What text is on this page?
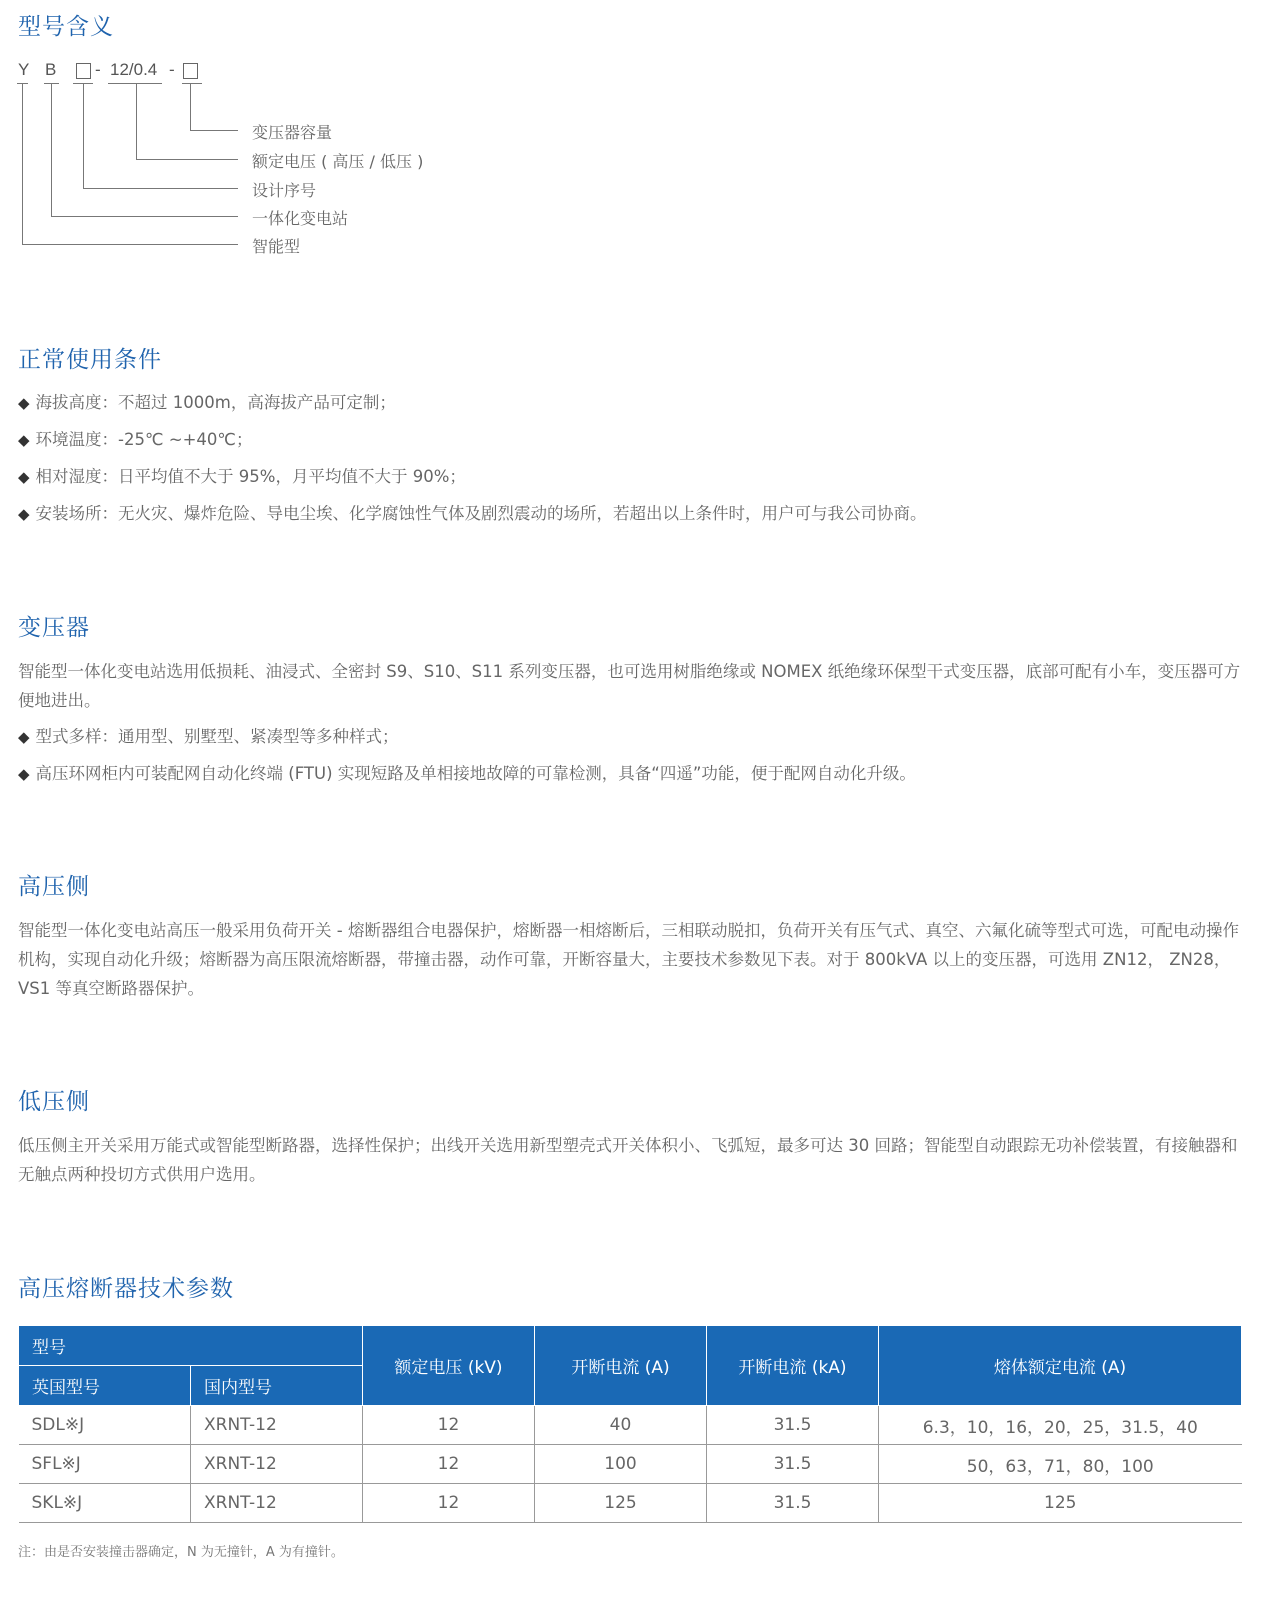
型号含义
Y B - 12/0.4 -
变压器容量
额定电压 ( 高压 / 低压 )
设计序号
一体化变电站
智能型
正常使用条件
◆ 海拔高度：不超过 1000m，高海拔产品可定制；
◆ 环境温度：-25℃ ~+40℃；
◆ 相对湿度：日平均值不大于 95%，月平均值不大于 90%；
◆ 安装场所：无火灾、爆炸危险、导电尘埃、化学腐蚀性气体及剧烈震动的场所，若超出以上条件时，用户可与我公司协商。
变压器

智能型一体化变电站选用低损耗、油浸式、全密封 S9、S10、S11 系列变压器，也可选用树脂绝缘或 NOMEX 纸绝缘环保型干式变压器，底部可配有小车，变压器可方便地进出。

◆ 型式多样：通用型、别墅型、紧凑型等多种样式；
◆ 高压环网柜内可装配网自动化终端 (FTU) 实现短路及单相接地故障的可靠检测，具备“四遥”功能，便于配网自动化升级。
高压侧

智能型一体化变电站高压一般采用负荷开关 - 熔断器组合电器保护，熔断器一相熔断后，三相联动脱扣，负荷开关有压气式、真空、六氟化硫等型式可选，可配电动操作机构，实现自动化升级；熔断器为高压限流熔断器，带撞击器，动作可靠，开断容量大，主要技术参数见下表。对于 800kVA 以上的变压器，可选用 ZN12， ZN28，VS1 等真空断路器保护。

低压侧

低压侧主开关采用万能式或智能型断路器，选择性保护；出线开关选用新型塑壳式开关体积小、飞弧短，最多可达 30 回路；智能型自动跟踪无功补偿装置，有接触器和无触点两种投切方式供用户选用。

高压熔断器技术参数
型号		额定电压 (kV)	开断电流 (A)	开断电流 (kA)	熔体额定电流 (A)
英国型号	国内型号				
SDL※J	XRNT-12	12	40	31.5	6.3，10，16，20，25，31.5，40
SFL※J	XRNT-12	12	100	31.5	50，63，71，80，100
SKL※J	XRNT-12	12	125	31.5	125
注：由是否安装撞击器确定，N 为无撞针，A 为有撞针。
